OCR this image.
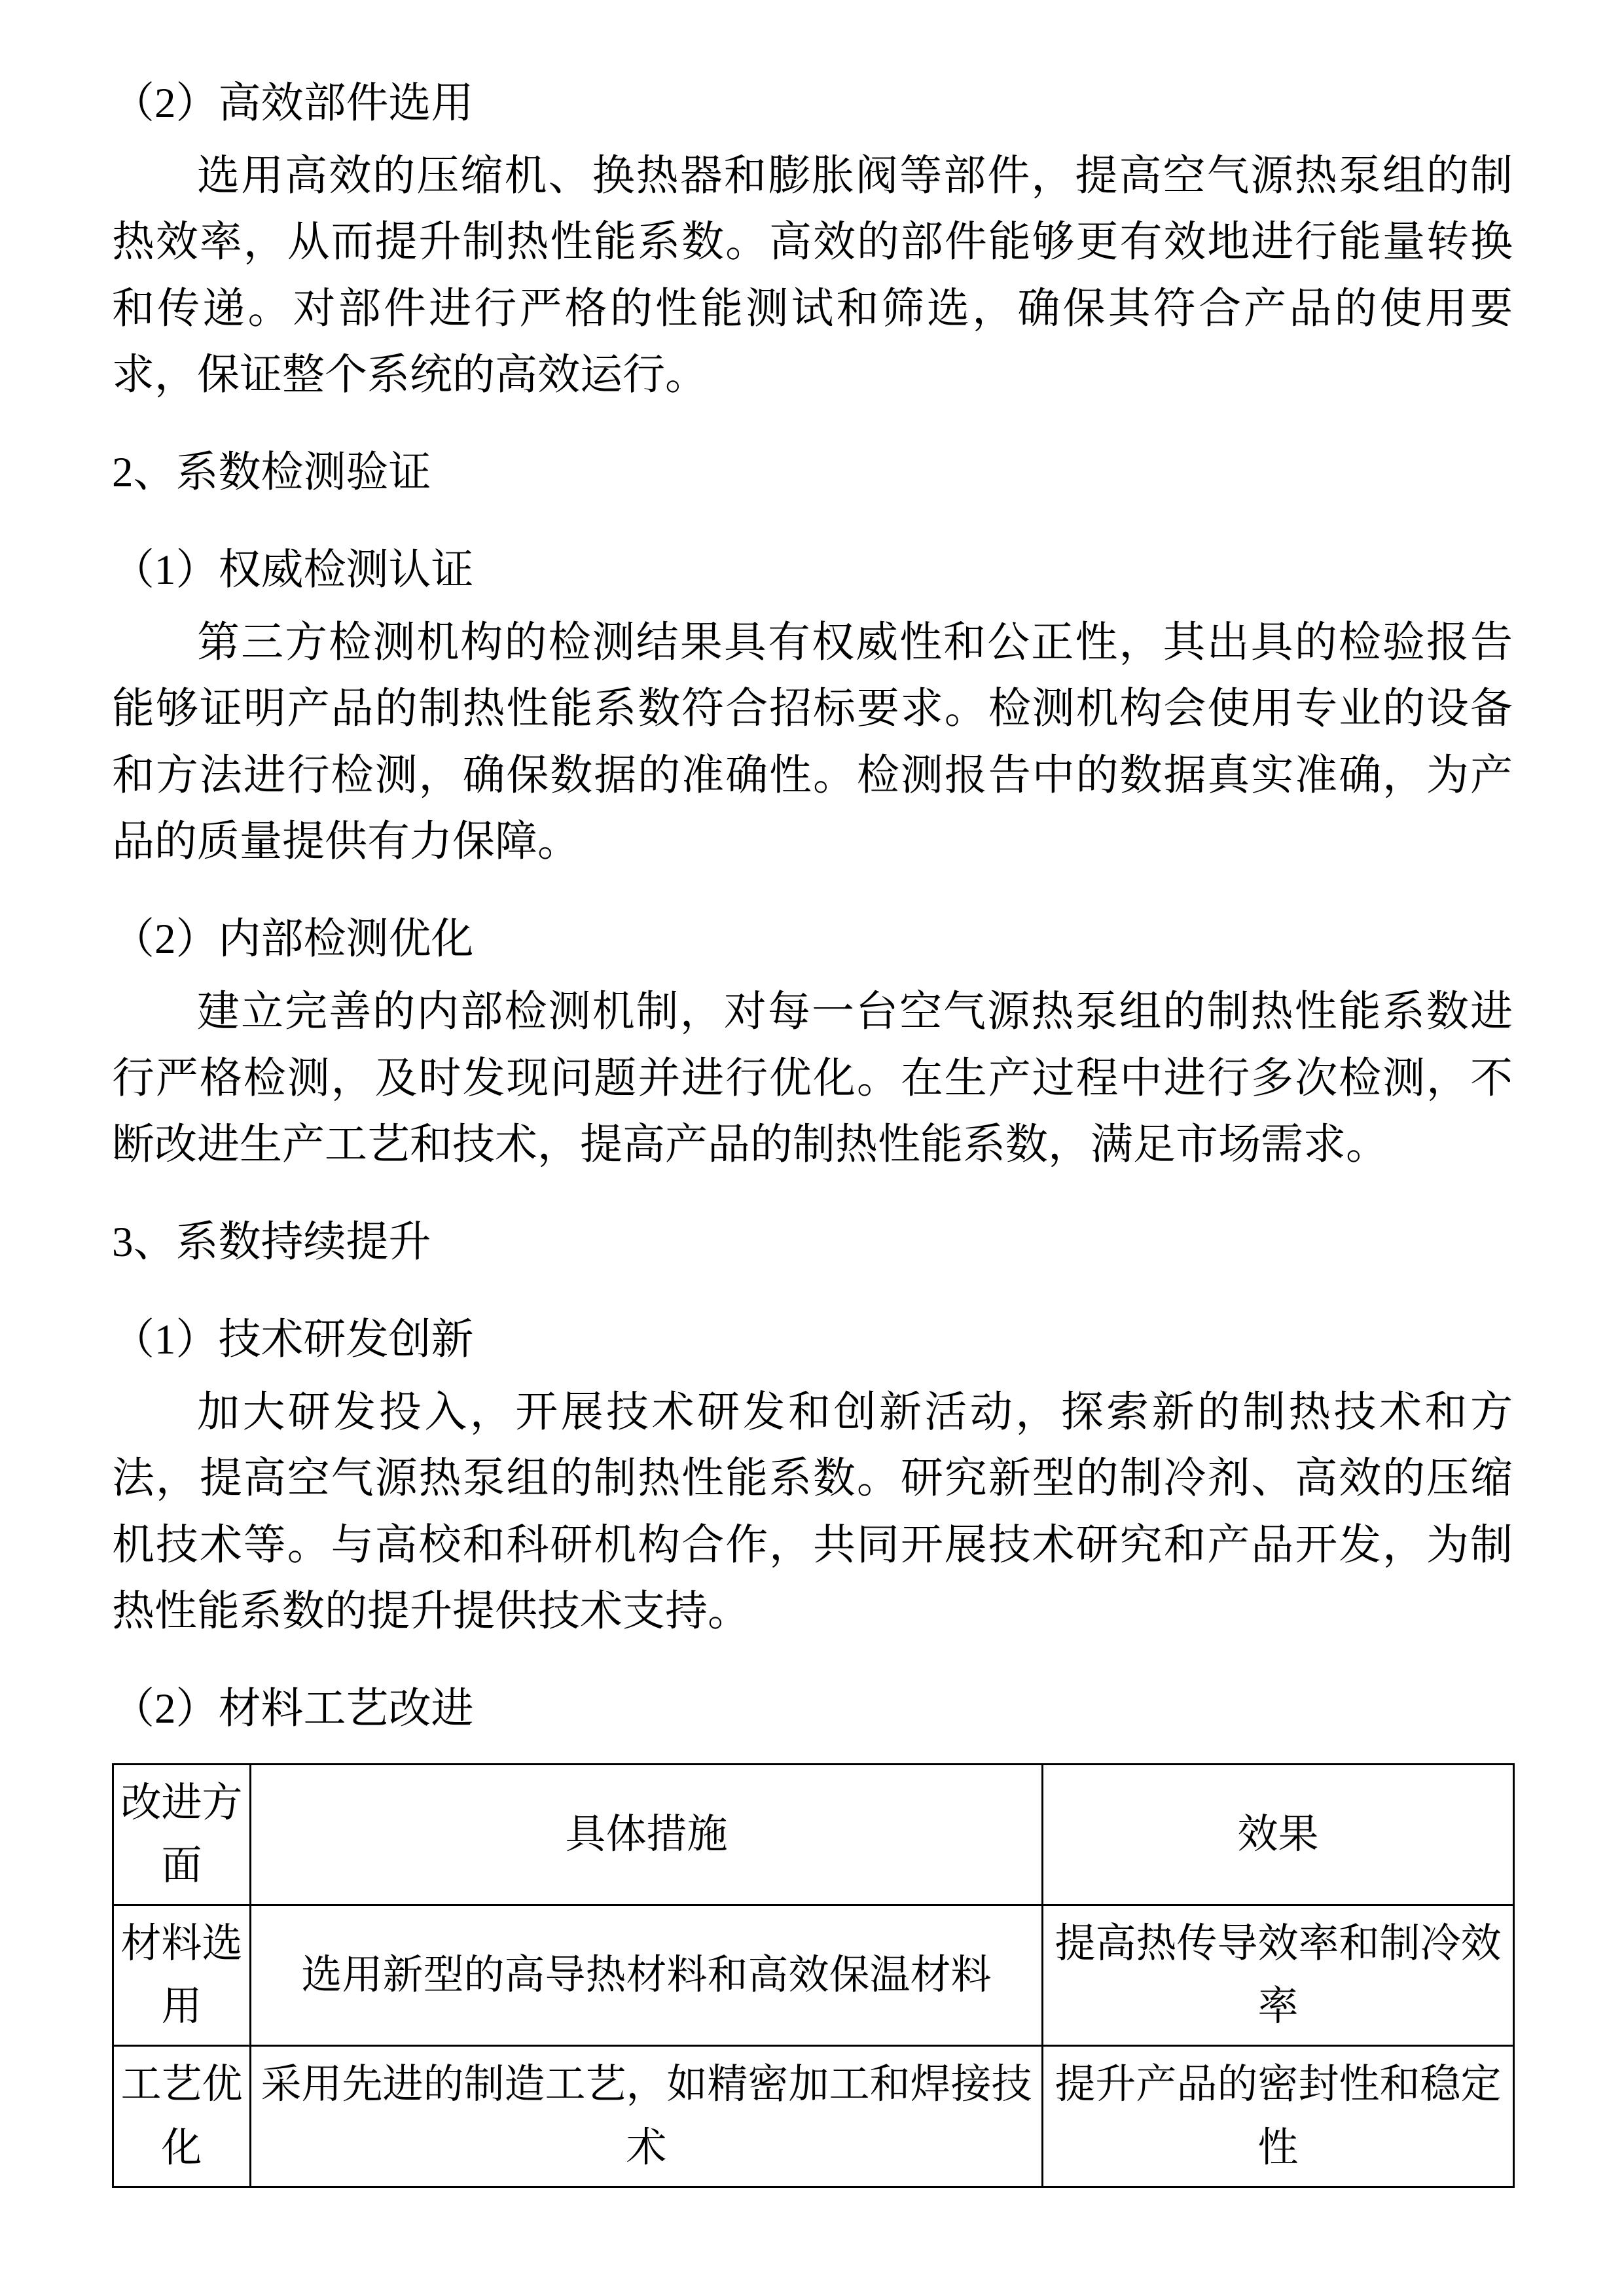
（2）高效部件选用

选用高效的压缩机、换热器和膨胀阀等部件，提高空气源热泵组的制热效率，从而提升制热性能系数。高效的部件能够更有效地进行能量转换和传递。对部件进行严格的性能测试和筛选，确保其符合产品的使用要求，保证整个系统的高效运行。

2、系数检测验证
（1）权威检测认证

第三方检测机构的检测结果具有权威性和公正性，其出具的检验报告能够证明产品的制热性能系数符合招标要求。检测机构会使用专业的设备和方法进行检测，确保数据的准确性。检测报告中的数据真实准确，为产品的质量提供有力保障。

（2）内部检测优化

建立完善的内部检测机制，对每一台空气源热泵组的制热性能系数进行严格检测，及时发现问题并进行优化。在生产过程中进行多次检测，不断改进生产工艺和技术，提高产品的制热性能系数，满足市场需求。

3、系数持续提升
（1）技术研发创新

加大研发投入，开展技术研发和创新活动，探索新的制热技术和方法，提高空气源热泵组的制热性能系数。研究新型的制冷剂、高效的压缩机技术等。与高校和科研机构合作，共同开展技术研究和产品开发，为制热性能系数的提升提供技术支持。

（2）材料工艺改进
改进方面	具体措施	效果
材料选用	选用新型的高导热材料和高效保温材料	提高热传导效率和制冷效率
工艺优化	采用先进的制造工艺，如精密加工和焊接技术	提升产品的密封性和稳定性
